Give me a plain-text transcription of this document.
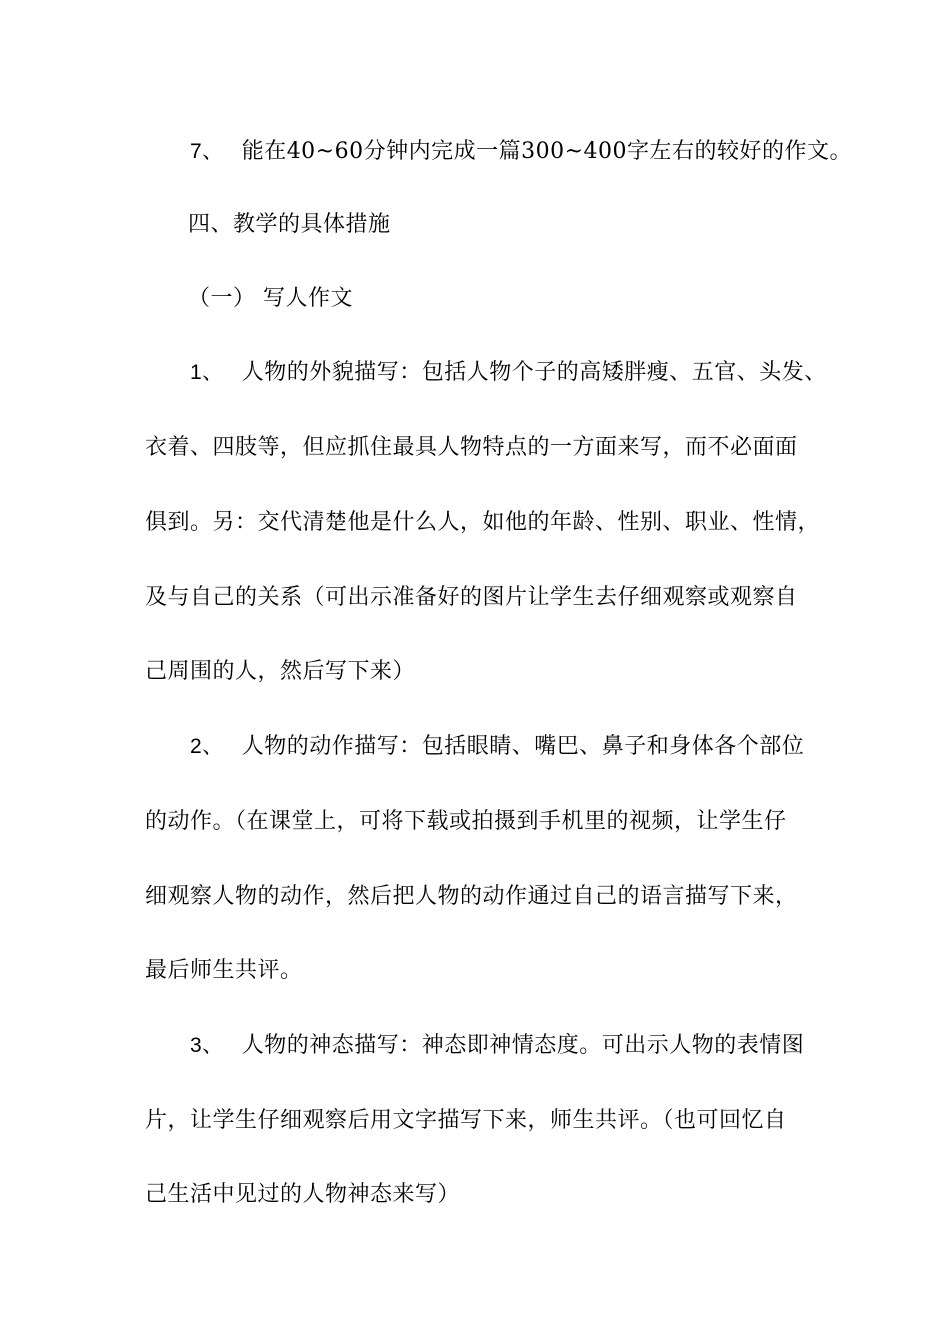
7、 能在40~60分钟内完成一篇300~400字左右的较好的作文。
四、教学的具体措施
（一） 写人作文
1、 人物的外貌描写：包括人物个子的高矮胖瘦、五官、头发、
衣着、四肢等，但应抓住最具人物特点的一方面来写，而不必面面
俱到。另：交代清楚他是什么人，如他的年龄、性别、职业、性情，
及与自己的关系（可出示准备好的图片让学生去仔细观察或观察自
己周围的人，然后写下来）
2、 人物的动作描写：包括眼睛、嘴巴、鼻子和身体各个部位
的动作。（在课堂上，可将下载或拍摄到手机里的视频，让学生仔
细观察人物的动作，然后把人物的动作通过自己的语言描写下来，
最后师生共评。
3、 人物的神态描写：神态即神情态度。可出示人物的表情图
片，让学生仔细观察后用文字描写下来，师生共评。（也可回忆自
己生活中见过的人物神态来写）
